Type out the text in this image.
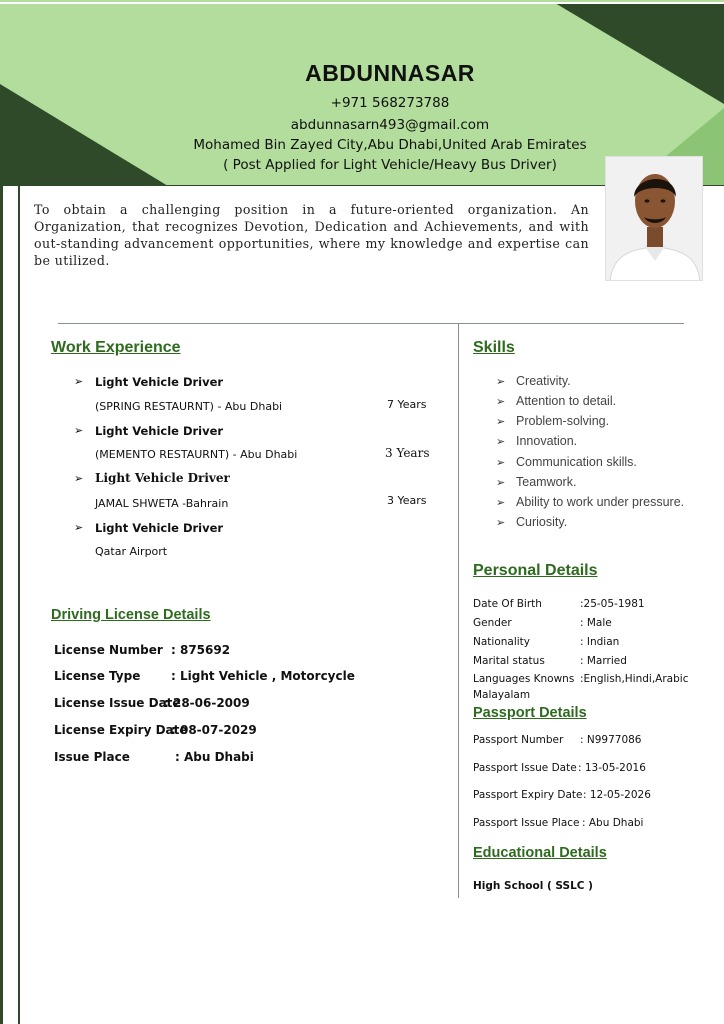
ABDUNNASAR
+971 568273788
abdunnasarn493@gmail.com
Mohamed Bin Zayed City,Abu Dhabi,United Arab Emirates
( Post Applied for Light Vehicle/Heavy Bus Driver)
To obtain a challenging position in a future-oriented organization. An Organization, that recognizes Devotion, Dedication and Achievements, and with out-standing advancement opportunities, where my knowledge and expertise can be utilized.
Work Experience
➢ Light Vehicle Driver
(SPRING RESTAURNT) - Abu Dhabi	7 Years
➢ Light Vehicle Driver
(MEMENTO RESTAURNT) - Abu Dhabi	3 Years
➢ Light Vehicle Driver
JAMAL SHWETA -Bahrain	3 Years
➢ Light Vehicle Driver
Qatar Airport
Driving License Details
License Number : 875692
License Type	: Light Vehicle , Motorcycle
License Issue Date
: 28-06-2009
License Expiry Date
: 08-07-2029
Issue Place	: Abu Dhabi
Skills
➢ Creativity.
➢ Attention to detail.
➢ Problem-solving.
➢ Innovation.
➢ Communication skills.
➢ Teamwork.
➢ Ability to work under pressure.
➢ Curiosity.
Personal Details
Date Of Birth	:25-05-1981
Gender	: Male
Nationality	: Indian
Marital status	: Married
Languages Knowns :English,Hindi,Arabic
Malayalam
Passport Details
Passport Number : N9977086
Passport Issue Date : 13-05-2016
Passport Expiry Date : 12-05-2026
Passport Issue Place : Abu Dhabi
Educational Details
High School ( SSLC )
